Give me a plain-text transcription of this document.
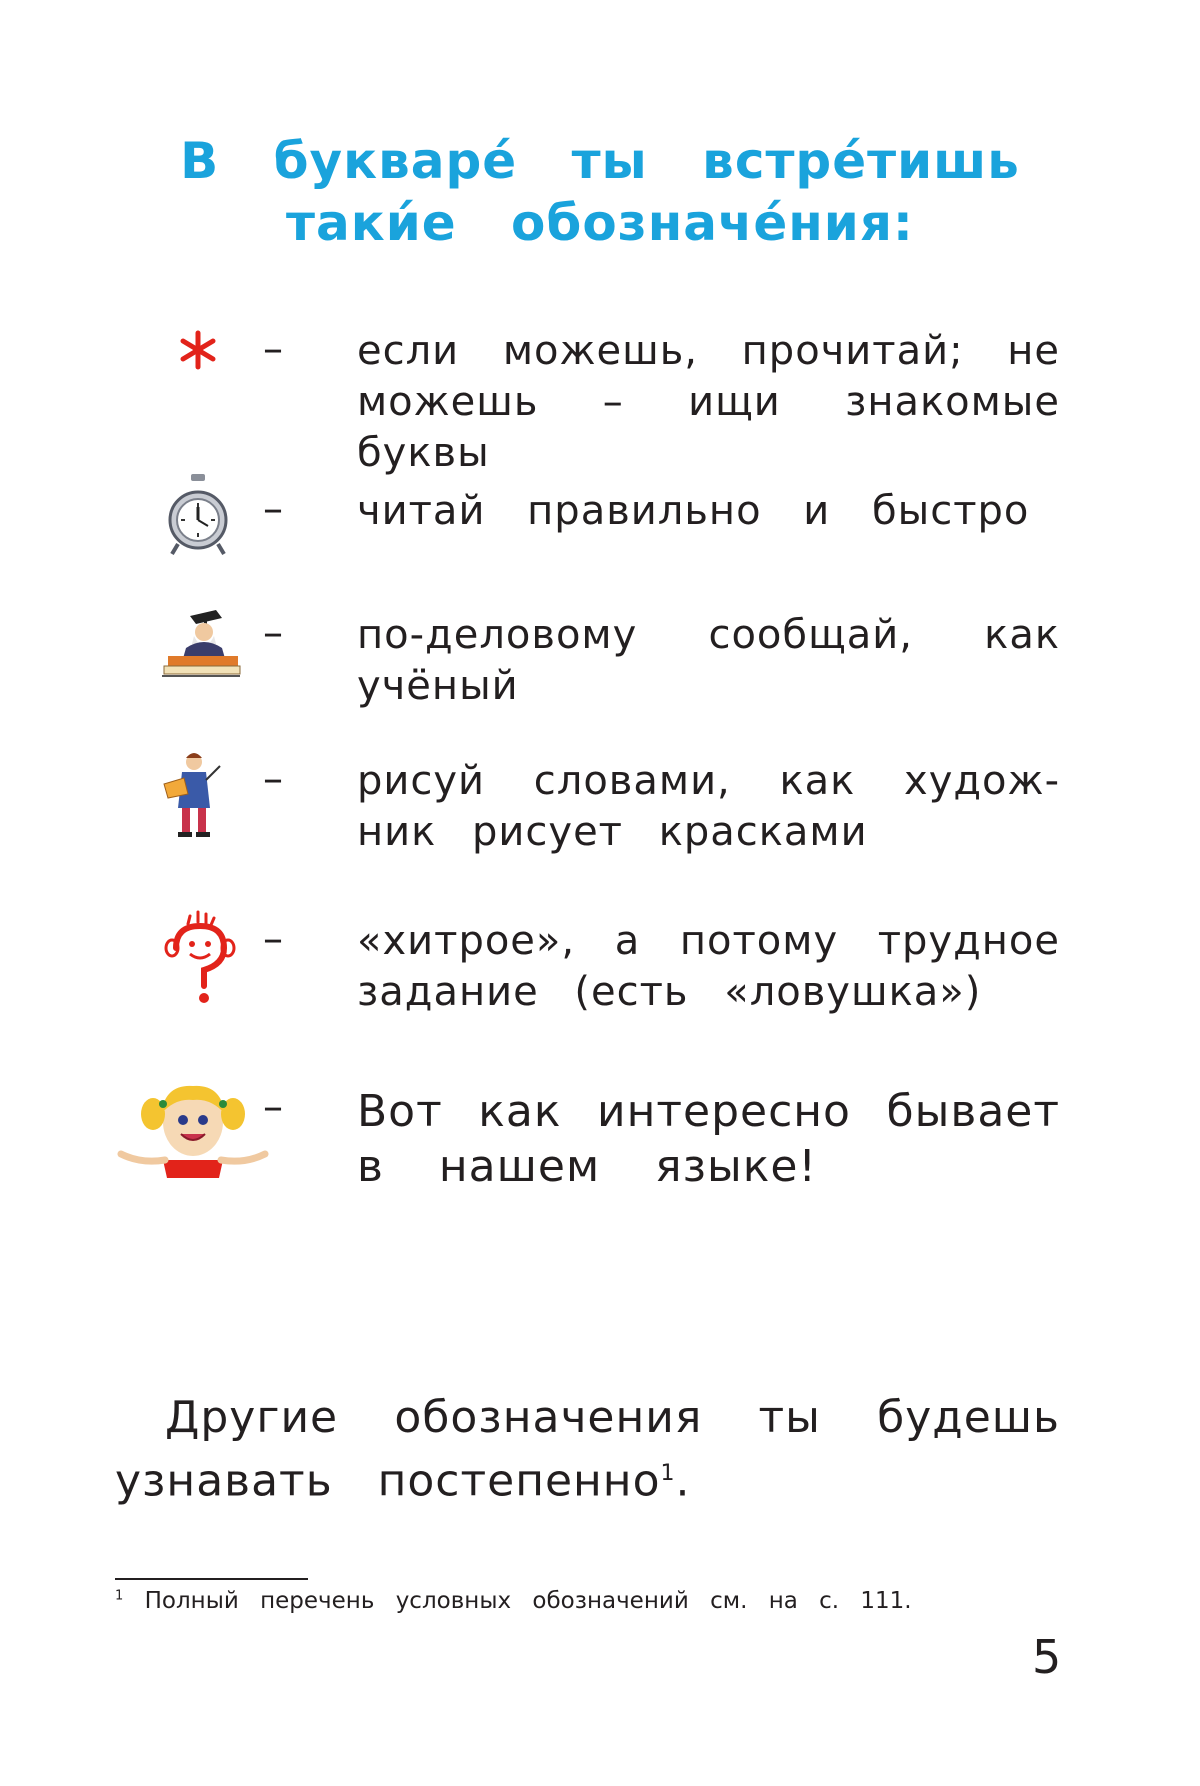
В букваре́ ты встре́тишь
таки́е обозначе́ния:
– если можешь, прочитай; не
можешь – ищи знакомые
буквы
– читай правильно и быстро
– по-деловому сообщай, как
учёный
– рисуй словами, как худож-
ник рисует красками
– «хитрое», а потому трудное
задание (есть «ловушка»)
– Вот как интересно бывает
в нашем языке!
Другие обозначения ты будешь
узнавать постепенно$^1$.
$^1$ Полный перечень условных обозначений см. на с. 111.
5
